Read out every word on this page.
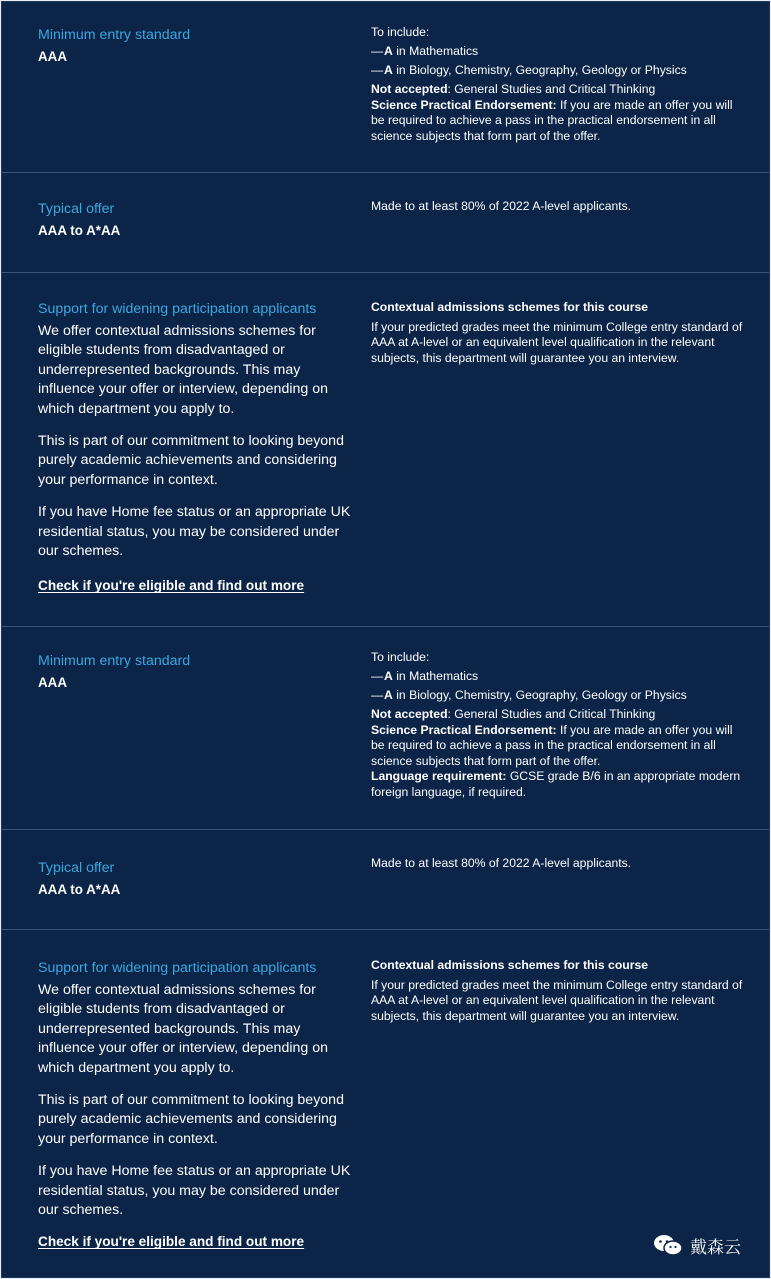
Minimum entry standard
AAA
To include:
—A in Mathematics
—A in Biology, Chemistry, Geography, Geology or Physics
Not accepted: General Studies and Critical Thinking
Science Practical Endorsement: If you are made an offer you will be required to achieve a pass in the practical endorsement in all science subjects that form part of the offer.
Typical offer
AAA to A*AA
Made to at least 80% of 2022 A-level applicants.
Support for widening participation applicants
We offer contextual admissions schemes for eligible students from disadvantaged or underrepresented backgrounds. This may influence your offer or interview, depending on which department you apply to.
This is part of our commitment to looking beyond purely academic achievements and considering your performance in context.
If you have Home fee status or an appropriate UK residential status, you may be considered under our schemes.
Check if you're eligible and find out more
Contextual admissions schemes for this course
If your predicted grades meet the minimum College entry standard of AAA at A-level or an equivalent level qualification in the relevant subjects, this department will guarantee you an interview.
Minimum entry standard
AAA
To include:
—A in Mathematics
—A in Biology, Chemistry, Geography, Geology or Physics
Not accepted: General Studies and Critical Thinking
Science Practical Endorsement: If you are made an offer you will be required to achieve a pass in the practical endorsement in all science subjects that form part of the offer.
Language requirement: GCSE grade B/6 in an appropriate modern foreign language, if required.
Typical offer
AAA to A*AA
Made to at least 80% of 2022 A-level applicants.
Support for widening participation applicants
We offer contextual admissions schemes for eligible students from disadvantaged or underrepresented backgrounds. This may influence your offer or interview, depending on which department you apply to.
This is part of our commitment to looking beyond purely academic achievements and considering your performance in context.
If you have Home fee status or an appropriate UK residential status, you may be considered under our schemes.
Check if you're eligible and find out more
Contextual admissions schemes for this course
If your predicted grades meet the minimum College entry standard of AAA at A-level or an equivalent level qualification in the relevant subjects, this department will guarantee you an interview.
戴森云
